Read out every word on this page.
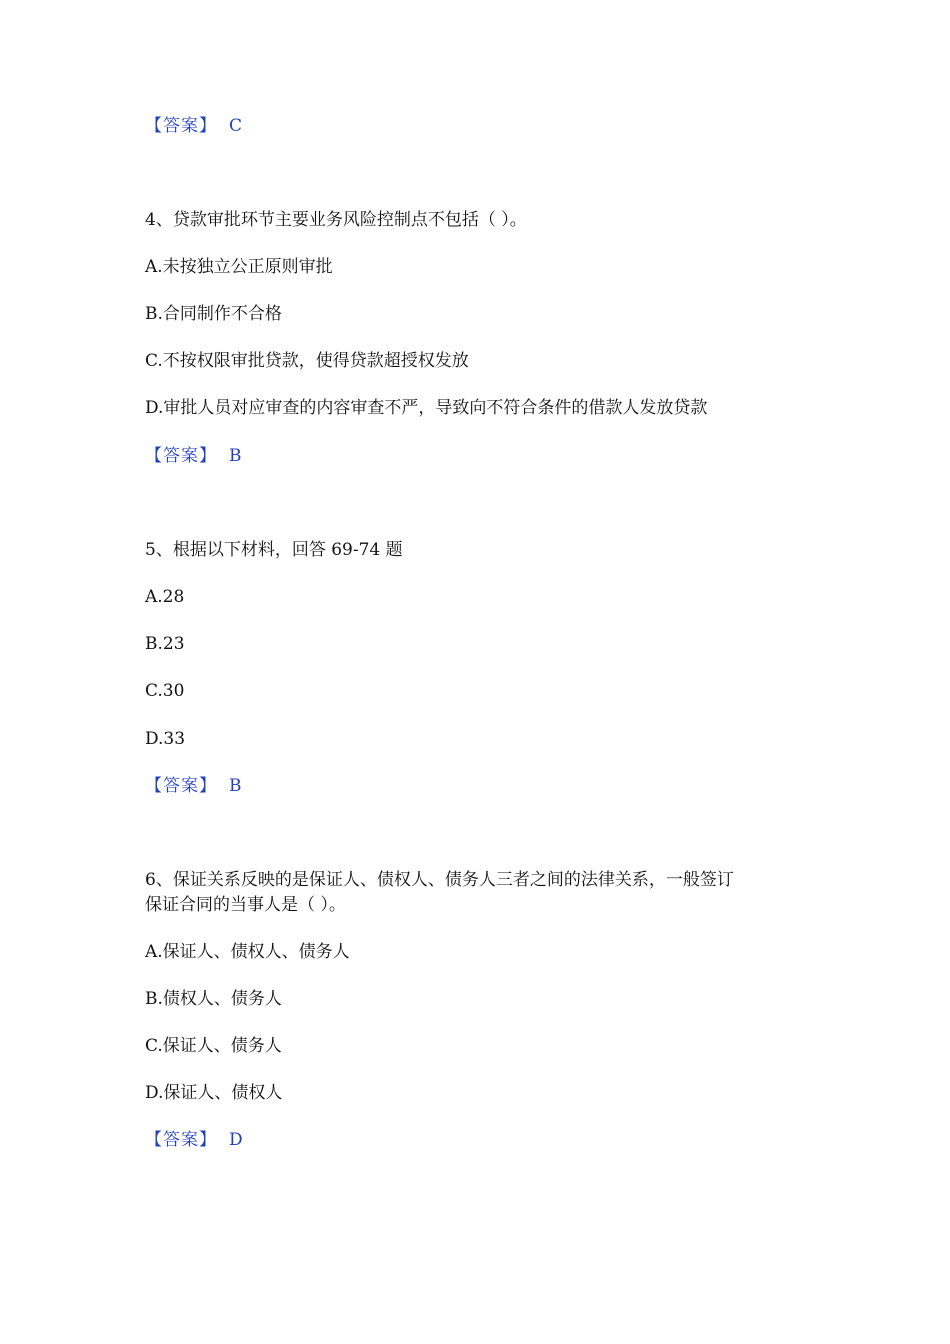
【答案】 C
4、贷款审批环节主要业务风险控制点不包括（ ）。
A.未按独立公正原则审批
B.合同制作不合格
C.不按权限审批贷款，使得贷款超授权发放
D.审批人员对应审查的内容审查不严，导致向不符合条件的借款人发放贷款
【答案】 B
5、根据以下材料，回答 69-74 题
A.28
B.23
C.30
D.33
【答案】 B
6、保证关系反映的是保证人、债权人、债务人三者之间的法律关系，一般签订
保证合同的当事人是（ ）。
A.保证人、债权人、债务人
B.债权人、债务人
C.保证人、债务人
D.保证人、债权人
【答案】 D
